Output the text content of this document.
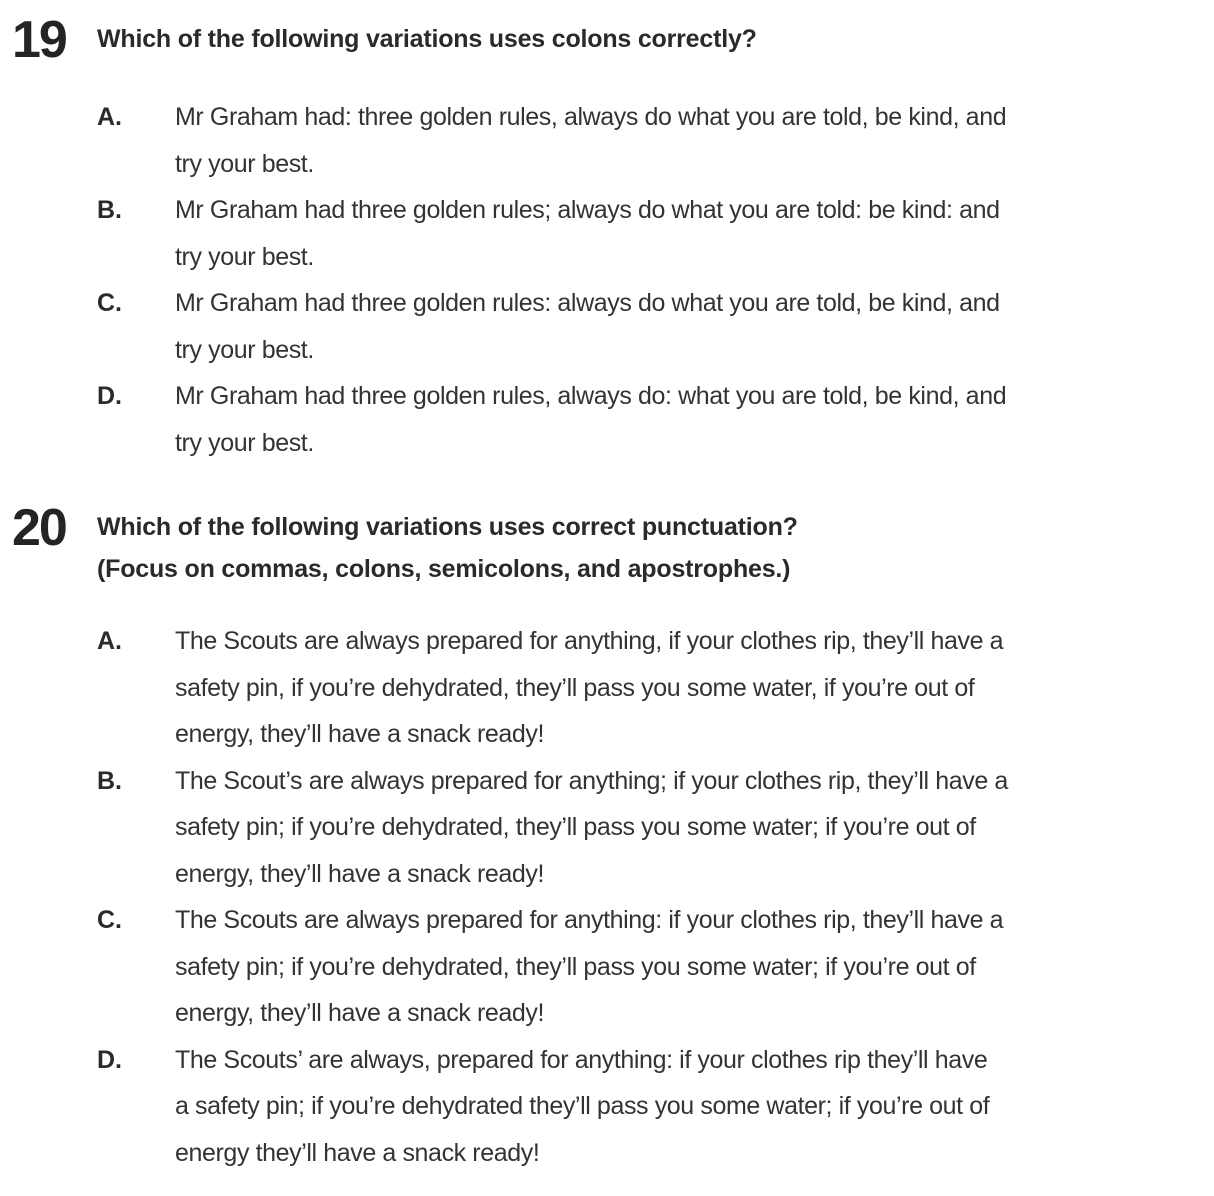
19	Which of the following variations uses colons correctly?
A.	Mr Graham had: three golden rules, always do what you are told, be kind, and
try your best.
B.	Mr Graham had three golden rules; always do what you are told: be kind: and
try your best.
C.	Mr Graham had three golden rules: always do what you are told, be kind, and
try your best.
D.	Mr Graham had three golden rules, always do: what you are told, be kind, and
try your best.
20	Which of the following variations uses correct punctuation?
(Focus on commas, colons, semicolons, and apostrophes.)
A.	The Scouts are always prepared for anything, if your clothes rip, they’ll have a
safety pin, if you’re dehydrated, they’ll pass you some water, if you’re out of
energy, they’ll have a snack ready!
B.	The Scout’s are always prepared for anything; if your clothes rip, they’ll have a
safety pin; if you’re dehydrated, they’ll pass you some water; if you’re out of
energy, they’ll have a snack ready!
C.	The Scouts are always prepared for anything: if your clothes rip, they’ll have a
safety pin; if you’re dehydrated, they’ll pass you some water; if you’re out of
energy, they’ll have a snack ready!
D.	The Scouts’ are always, prepared for anything: if your clothes rip they’ll have
a safety pin; if you’re dehydrated they’ll pass you some water; if you’re out of
energy they’ll have a snack ready!
